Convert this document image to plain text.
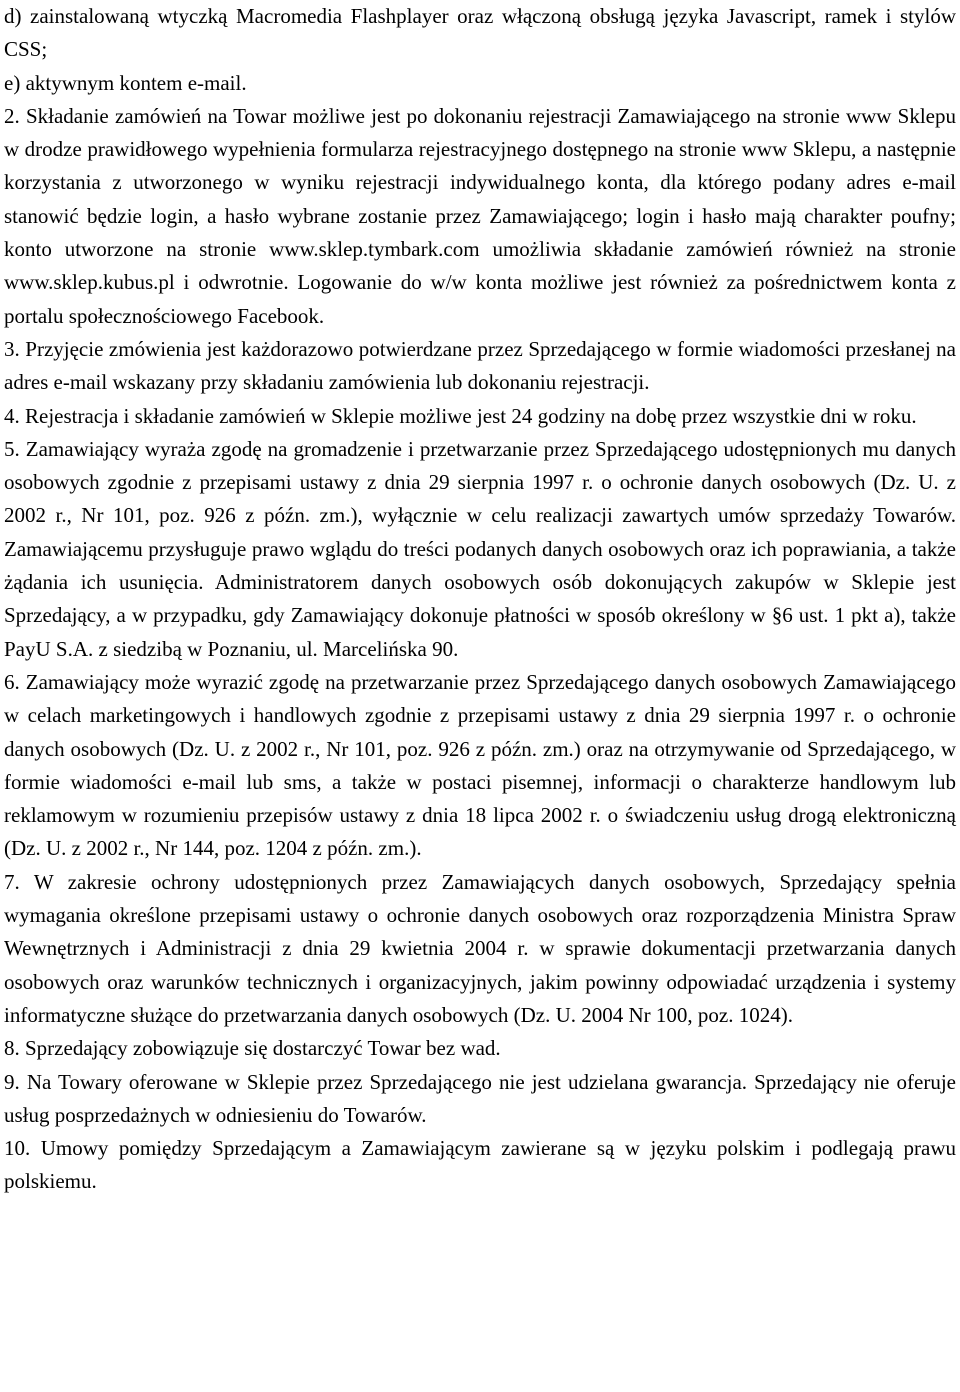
d) zainstalowaną wtyczką Macromedia Flashplayer oraz włączoną obsługą języka Javascript, ramek i stylów CSS;

e) aktywnym kontem e-mail.

2. Składanie zamówień na Towar możliwe jest po dokonaniu rejestracji Zamawiającego na stronie www Sklepu w drodze prawidłowego wypełnienia formularza rejestracyjnego dostępnego na stronie www Sklepu, a następnie korzystania z utworzonego w wyniku rejestracji indywidualnego konta, dla którego podany adres e-mail stanowić będzie login, a hasło wybrane zostanie przez Zamawiającego; login i hasło mają charakter poufny; konto utworzone na stronie www.sklep.tymbark.com umożliwia składanie zamówień również na stronie www.sklep.kubus.pl i odwrotnie. Logowanie do w/w konta możliwe jest również za pośrednictwem konta z portalu społecznościowego Facebook.

3. Przyjęcie zmówienia jest każdorazowo potwierdzane przez Sprzedającego w formie wiadomości przesłanej na adres e-mail wskazany przy składaniu zamówienia lub dokonaniu rejestracji.

4. Rejestracja i składanie zamówień w Sklepie możliwe jest 24 godziny na dobę przez wszystkie dni w roku.

5. Zamawiający wyraża zgodę na gromadzenie i przetwarzanie przez Sprzedającego udostępnionych mu danych osobowych zgodnie z przepisami ustawy z dnia 29 sierpnia 1997 r. o ochronie danych osobowych (Dz. U. z 2002 r., Nr 101, poz. 926 z późn. zm.), wyłącznie w celu realizacji zawartych umów sprzedaży Towarów. Zamawiającemu przysługuje prawo wglądu do treści podanych danych osobowych oraz ich poprawiania, a także żądania ich usunięcia. Administratorem danych osobowych osób dokonujących zakupów w Sklepie jest Sprzedający, a w przypadku, gdy Zamawiający dokonuje płatności w sposób określony w §6 ust. 1 pkt a), także PayU S.A. z siedzibą w Poznaniu, ul. Marcelińska 90.

6. Zamawiający może wyrazić zgodę na przetwarzanie przez Sprzedającego danych osobowych Zamawiającego w celach marketingowych i handlowych zgodnie z przepisami ustawy z dnia 29 sierpnia 1997 r. o ochronie danych osobowych (Dz. U. z 2002 r., Nr 101, poz. 926 z późn. zm.) oraz na otrzymywanie od Sprzedającego, w formie wiadomości e-mail lub sms, a także w postaci pisemnej, informacji o charakterze handlowym lub reklamowym w rozumieniu przepisów ustawy z dnia 18 lipca 2002 r. o świadczeniu usług drogą elektroniczną (Dz. U. z 2002 r., Nr 144, poz. 1204 z późn. zm.).

7. W zakresie ochrony udostępnionych przez Zamawiających danych osobowych, Sprzedający spełnia wymagania określone przepisami ustawy o ochronie danych osobowych oraz rozporządzenia Ministra Spraw Wewnętrznych i Administracji z dnia 29 kwietnia 2004 r. w sprawie dokumentacji przetwarzania danych osobowych oraz warunków technicznych i organizacyjnych, jakim powinny odpowiadać urządzenia i systemy informatyczne służące do przetwarzania danych osobowych (Dz. U. 2004 Nr 100, poz. 1024).

8. Sprzedający zobowiązuje się dostarczyć Towar bez wad.

9. Na Towary oferowane w Sklepie przez Sprzedającego nie jest udzielana gwarancja. Sprzedający nie oferuje usług posprzedażnych w odniesieniu do Towarów.

10. Umowy pomiędzy Sprzedającym a Zamawiającym zawierane są w języku polskim i podlegają prawu polskiemu.
